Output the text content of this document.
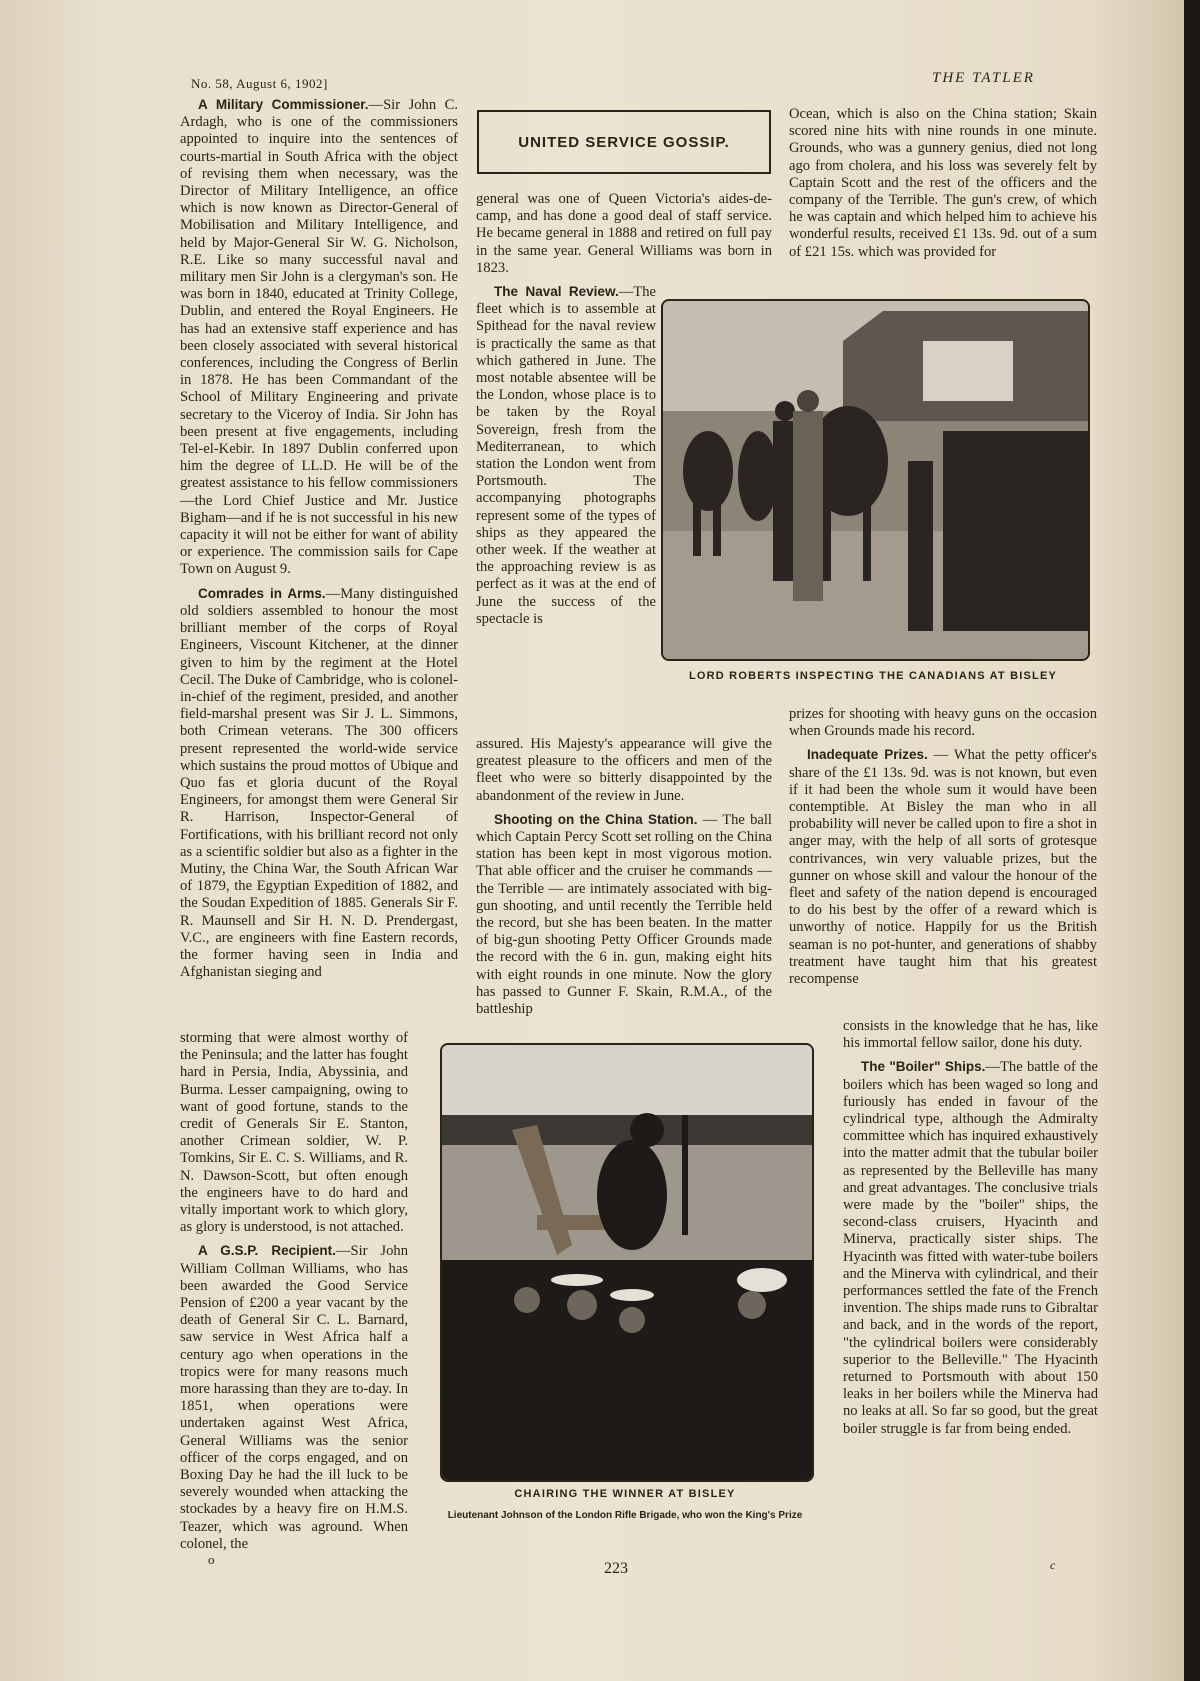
No. 58, August 6, 1902]	THE TATLER
UNITED SERVICE GOSSIP.

A Military Commissioner.—Sir John C. Ardagh, who is one of the commissioners appointed to inquire into the sentences of courts-martial in South Africa with the object of revising them when necessary, was the Director of Military Intelligence, an office which is now known as Director-General of Mobilisation and Military Intelligence, and held by Major-General Sir W. G. Nicholson, R.E. Like so many successful naval and military men Sir John is a clergyman's son. He was born in 1840, educated at Trinity College, Dublin, and entered the Royal Engineers. He has had an extensive staff experience and has been closely associated with several historical conferences, including the Congress of Berlin in 1878. He has been Commandant of the School of Military Engineering and private secretary to the Viceroy of India. Sir John has been present at five engagements, including Tel-el-Kebir. In 1897 Dublin conferred upon him the degree of LL.D. He will be of the greatest assistance to his fellow commissioners—the Lord Chief Justice and Mr. Justice Bigham—and if he is not successful in his new capacity it will not be either for want of ability or experience. The commission sails for Cape Town on August 9.

Comrades in Arms.—Many distinguished old soldiers assembled to honour the most brilliant member of the corps of Royal Engineers, Viscount Kitchener, at the dinner given to him by the regiment at the Hotel Cecil. The Duke of Cambridge, who is colonel-in-chief of the regiment, presided, and another field-marshal present was Sir J. L. Simmons, both Crimean veterans. The 300 officers present represented the world-wide service which sustains the proud mottos of Ubique and Quo fas et gloria ducunt of the Royal Engineers, for amongst them were General Sir R. Harrison, Inspector-General of Fortifications, with his brilliant record not only as a scientific soldier but also as a fighter in the Mutiny, the China War, the South African War of 1879, the Egyptian Expedition of 1882, and the Soudan Expedition of 1885. Generals Sir F. R. Maunsell and Sir H. N. D. Prendergast, V.C., are engineers with fine Eastern records, the former having seen in India and Afghanistan sieging and

storming that were almost worthy of the Peninsula; and the latter has fought hard in Persia, India, Abyssinia, and Burma. Lesser campaigning, owing to want of good fortune, stands to the credit of Generals Sir E. Stanton, another Crimean soldier, W. P. Tomkins, Sir E. C. S. Williams, and R. N. Dawson-Scott, but often enough the engineers have to do hard and vitally important work to which glory, as glory is understood, is not attached.

A G.S.P. Recipient.—Sir John William Collman Williams, who has been awarded the Good Service Pension of £200 a year vacant by the death of General Sir C. L. Barnard, saw service in West Africa half a century ago when operations in the tropics were for many reasons much more harassing than they are to-day. In 1851, when operations were undertaken against West Africa, General Williams was the senior officer of the corps engaged, and on Boxing Day he had the ill luck to be severely wounded when attacking the stockades by a heavy fire on H.M.S. Teazer, which was aground. When colonel, the

general was one of Queen Victoria's aides-de-camp, and has done a good deal of staff service. He became general in 1888 and retired on full pay in the same year. General Williams was born in 1823.

The Naval Review.—The fleet which is to assemble at Spithead for the naval review is practically the same as that which gathered in June. The most notable absentee will be the London, whose place is to be taken by the Royal Sovereign, fresh from the Mediterranean, to which station the London went from Portsmouth. The accompanying photographs represent some of the types of ships as they appeared the other week. If the weather at the approaching review is as perfect as it was at the end of June the success of the spectacle is

assured. His Majesty's appearance will give the greatest pleasure to the officers and men of the fleet who were so bitterly disappointed by the abandonment of the review in June.

Shooting on the China Station. — The ball which Captain Percy Scott set rolling on the China station has been kept in most vigorous motion. That able officer and the cruiser he commands — the Terrible — are intimately associated with big-gun shooting, and until recently the Terrible held the record, but she has been beaten. In the matter of big-gun shooting Petty Officer Grounds made the record with the 6 in. gun, making eight hits with eight rounds in one minute. Now the glory has passed to Gunner F. Skain, R.M.A., of the battleship

Ocean, which is also on the China station; Skain scored nine hits with nine rounds in one minute. Grounds, who was a gunnery genius, died not long ago from cholera, and his loss was severely felt by Captain Scott and the rest of the officers and the company of the Terrible. The gun's crew, of which he was captain and which helped him to achieve his wonderful results, received £1 13s. 9d. out of a sum of £21 15s. which was provided for

prizes for shooting with heavy guns on the occasion when Grounds made his record.

Inadequate Prizes. — What the petty officer's share of the £1 13s. 9d. was is not known, but even if it had been the whole sum it would have been contemptible. At Bisley the man who in all probability will never be called upon to fire a shot in anger may, with the help of all sorts of grotesque contrivances, win very valuable prizes, but the gunner on whose skill and valour the honour of the fleet and safety of the nation depend is encouraged to do his best by the offer of a reward which is unworthy of notice. Happily for us the British seaman is no pot-hunter, and generations of shabby treatment have taught him that his greatest recompense

consists in the knowledge that he has, like his immortal fellow sailor, done his duty.

The "Boiler" Ships.—The battle of the boilers which has been waged so long and furiously has ended in favour of the cylindrical type, although the Admiralty committee which has inquired exhaustively into the matter admit that the tubular boiler as represented by the Belleville has many and great advantages. The conclusive trials were made by the "boiler" ships, the second-class cruisers, Hyacinth and Minerva, practically sister ships. The Hyacinth was fitted with water-tube boilers and the Minerva with cylindrical, and their performances settled the fate of the French invention. The ships made runs to Gibraltar and back, and in the words of the report, "the cylindrical boilers were considerably superior to the Belleville." The Hyacinth returned to Portsmouth with about 150 leaks in her boilers while the Minerva had no leaks at all. So far so good, but the great boiler struggle is far from being ended.

LORD ROBERTS INSPECTING THE CANADIANS AT BISLEY
CHAIRING THE WINNER AT BISLEY
Lieutenant Johnson of the London Rifle Brigade, who won the King's Prize
o
223	c
